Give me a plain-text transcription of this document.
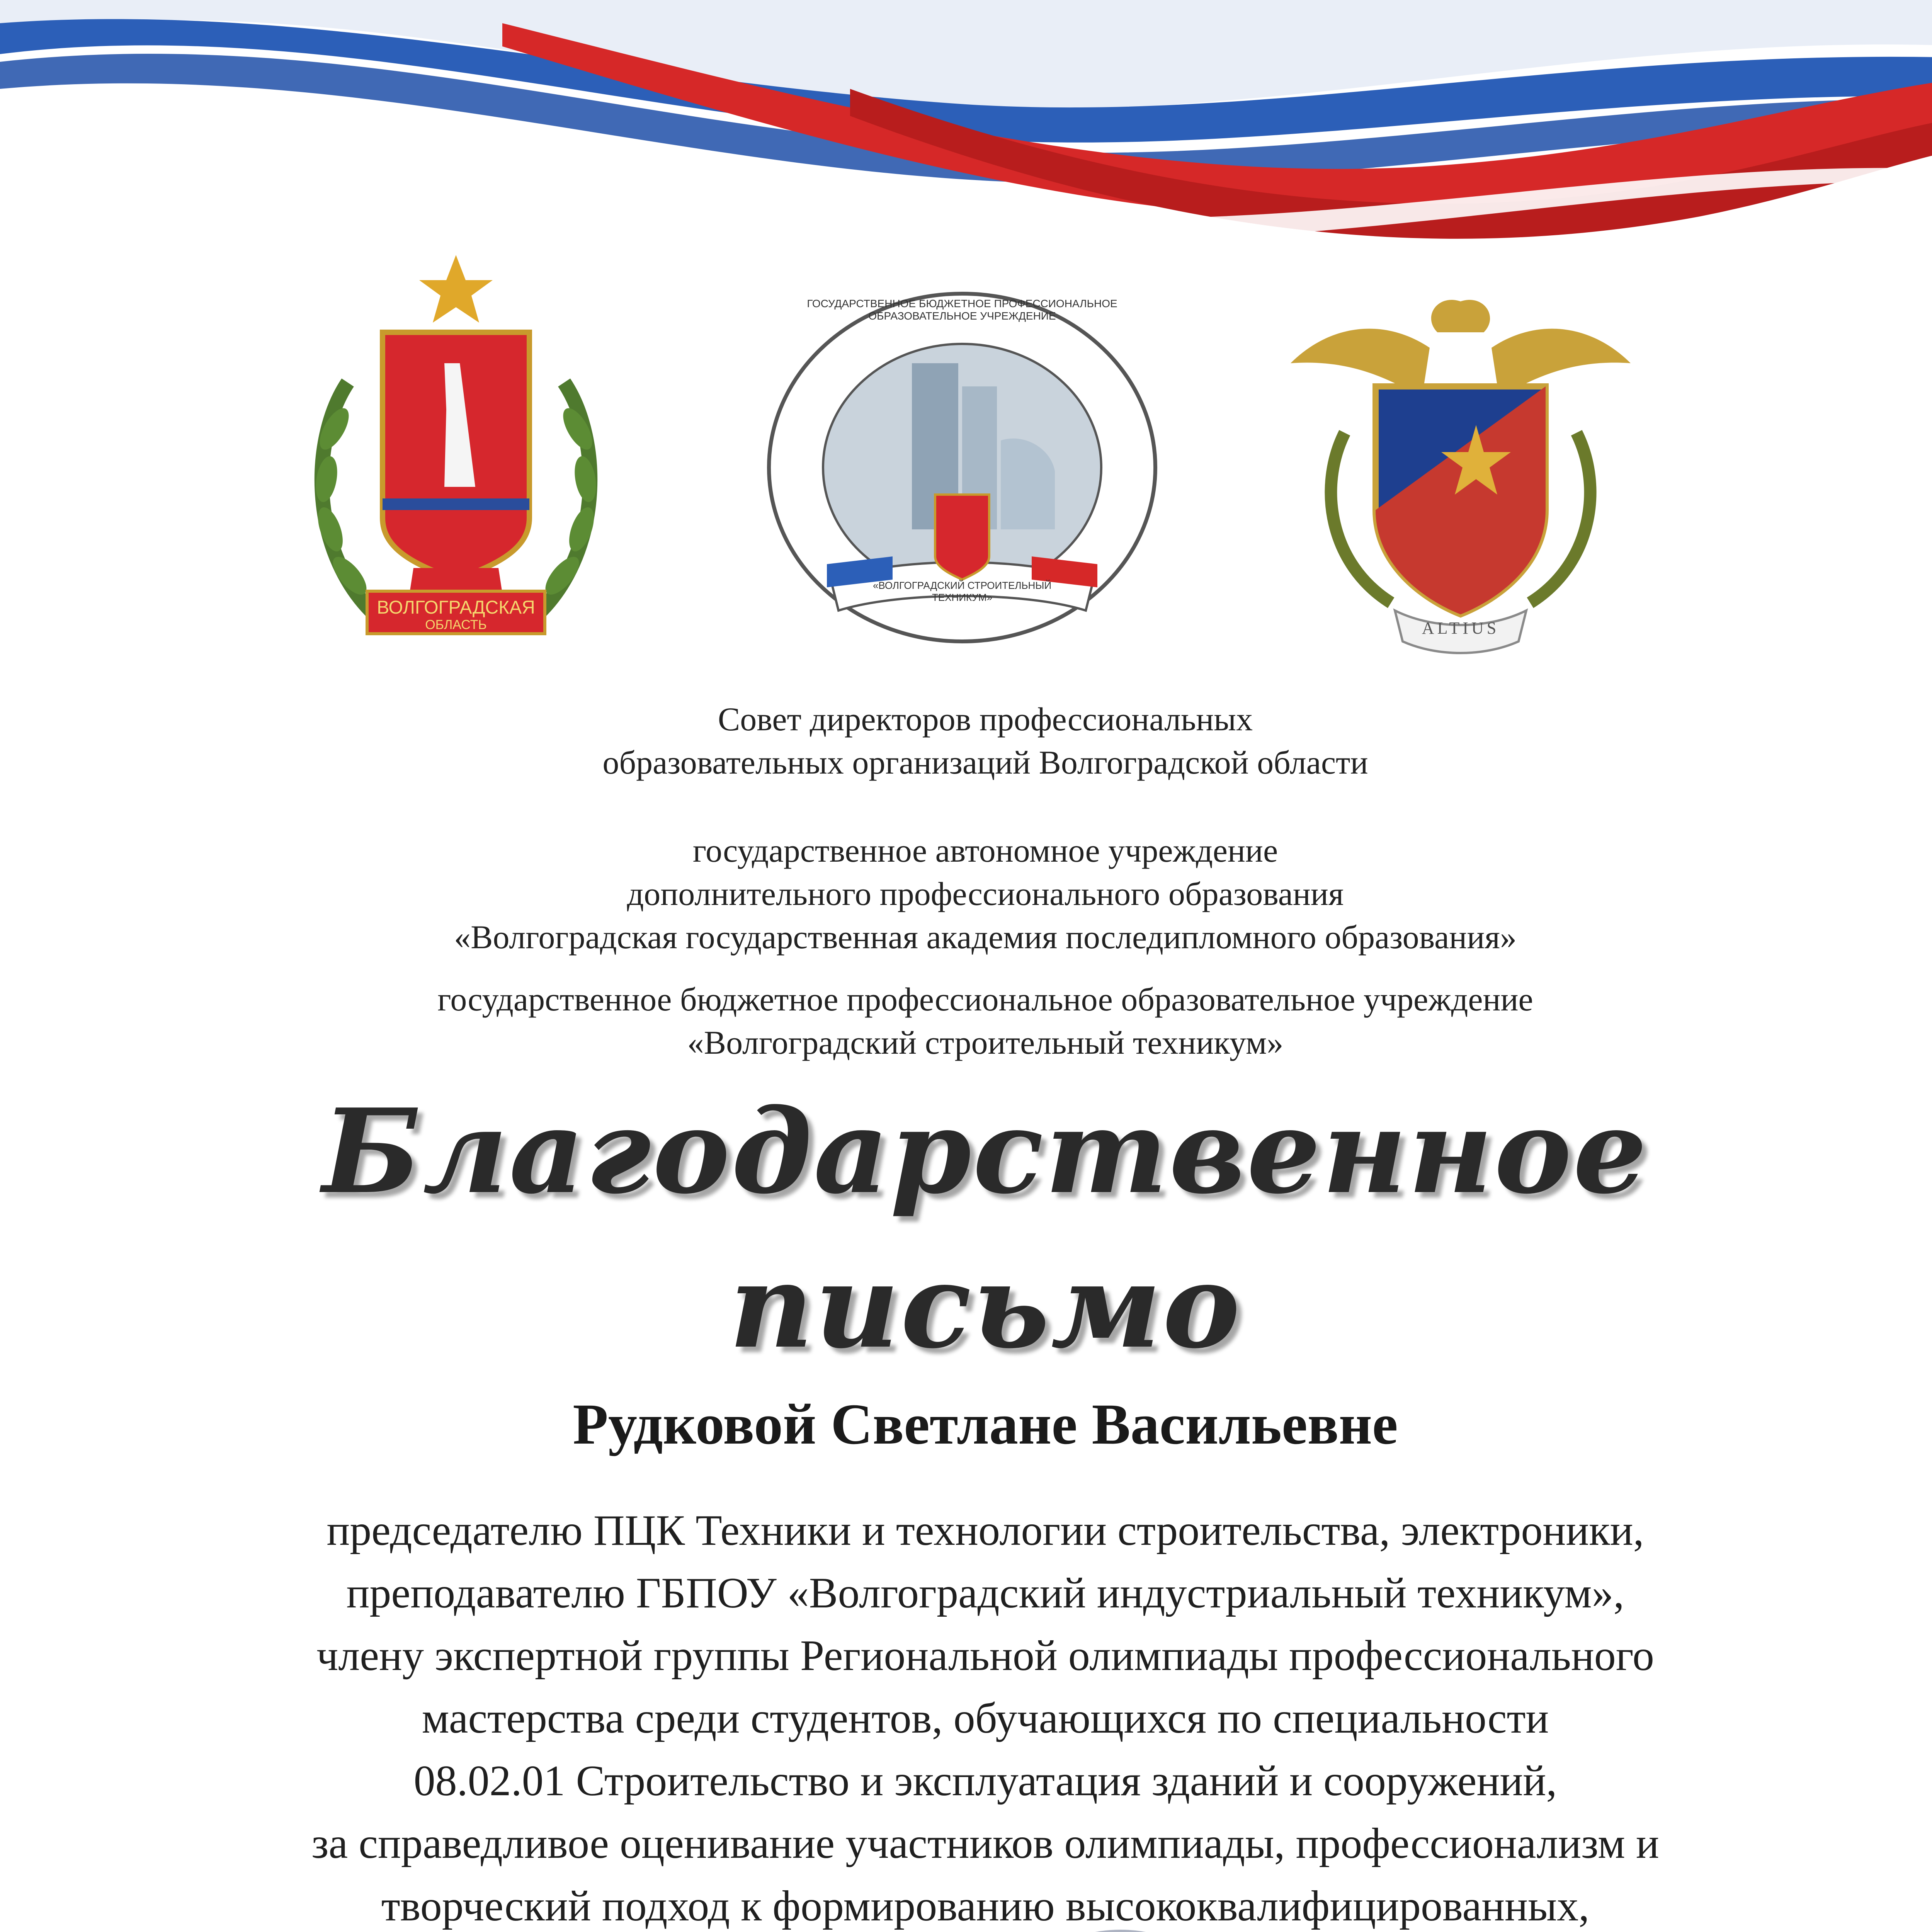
ВОЛГОГРАДСКАЯ
ОБЛАСТЬ
ГОСУДАРСТВЕННОЕ БЮДЖЕТНОЕ ПРОФЕССИОНАЛЬНОЕ ОБРАЗОВАТЕЛЬНОЕ УЧРЕЖДЕНИЕ
«ВОЛГОГРАДСКИЙ СТРОИТЕЛЬНЫЙ ТЕХНИКУМ»
ALTIUS
Совет директоров профессиональных
образовательных организаций Волгоградской области
государственное автономное учреждение
дополнительного профессионального образования
«Волгоградская государственная академия последипломного образования»
государственное бюджетное профессиональное образовательное учреждение
«Волгоградский строительный техникум»
Благодарственное
письмо
Рудковой Светлане Васильевне
председателю ПЦК Техники и технологии строительства, электроники,
преподавателю ГБПОУ «Волгоградский индустриальный техникум»,
члену экспертной группы Региональной олимпиады профессионального
мастерства среди студентов, обучающихся по специальности
08.02.01 Строительство и эксплуатация зданий и сооружений,
за справедливое оценивание участников олимпиады, профессионализм и
творческий подход к формированию высококвалифицированных,
